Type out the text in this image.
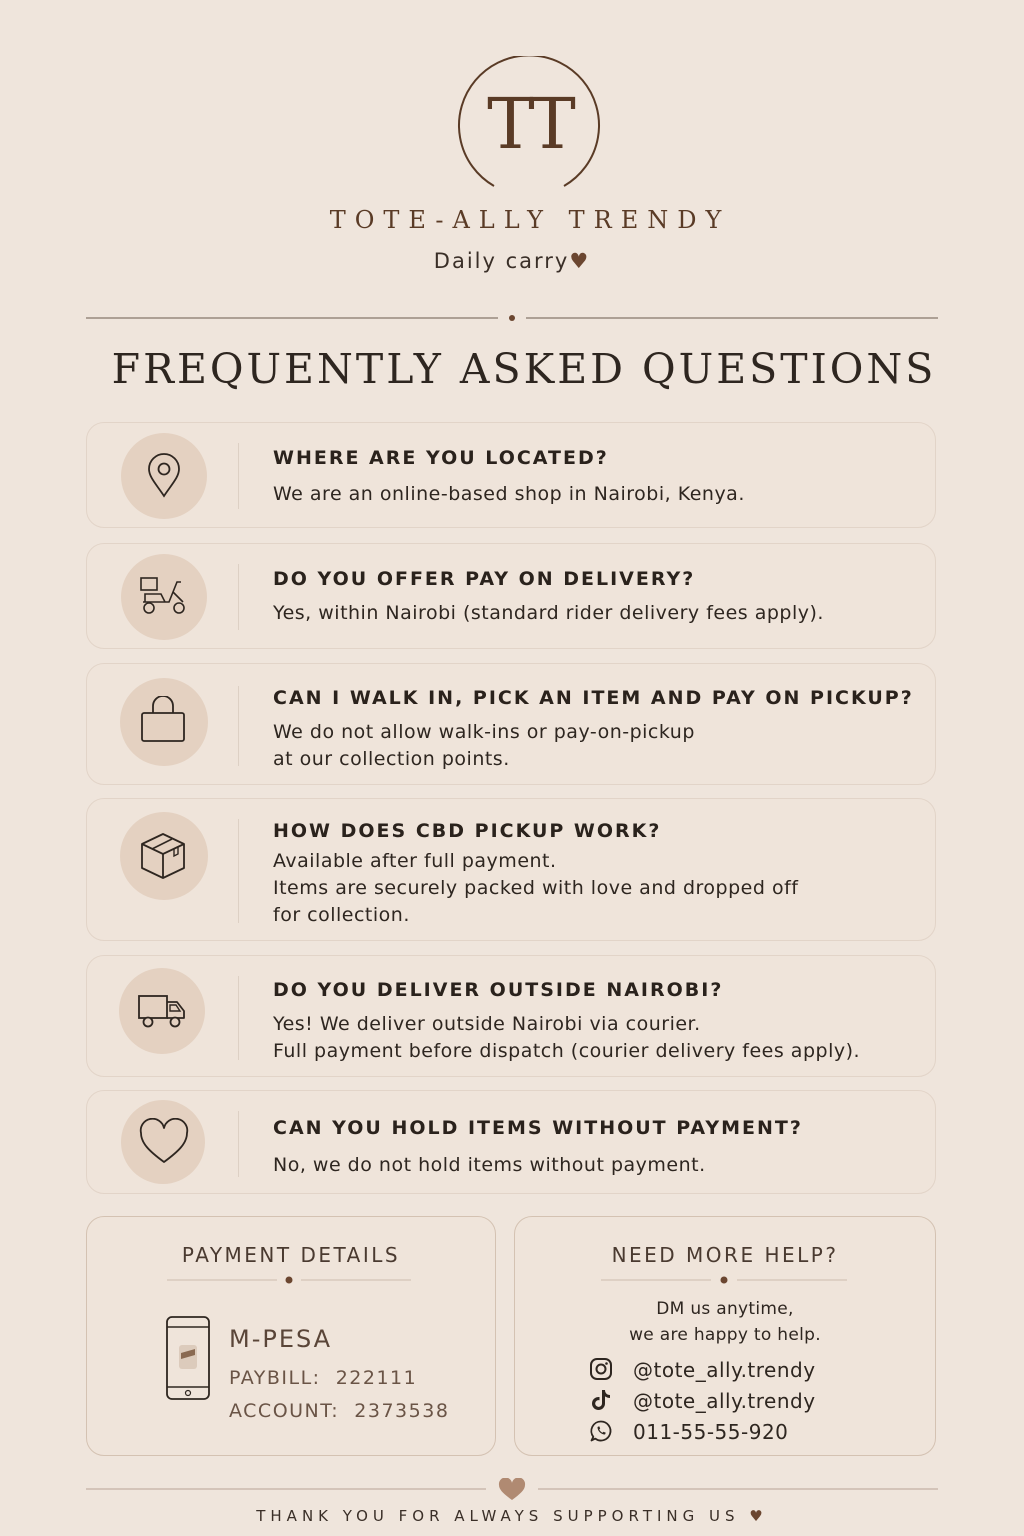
TT
TOTE-ALLY TRENDY
Daily carry♥
FREQUENTLY ASKED QUESTIONS
WHERE ARE YOU LOCATED?
We are an online-based shop in Nairobi, Kenya.
DO YOU OFFER PAY ON DELIVERY?
Yes, within Nairobi (standard rider delivery fees apply).
CAN I WALK IN, PICK AN ITEM AND PAY ON PICKUP?
We do not allow walk-ins or pay-on-pickup
at our collection points.
HOW DOES CBD PICKUP WORK?
Available after full payment.
Items are securely packed with love and dropped off
for collection.
DO YOU DELIVER OUTSIDE NAIROBI?
Yes! We deliver outside Nairobi via courier.
Full payment before dispatch (courier delivery fees apply).
CAN YOU HOLD ITEMS WITHOUT PAYMENT?
No, we do not hold items without payment.
PAYMENT DETAILS
M-PESA
PAYBILL: 222111
ACCOUNT: 2373538
NEED MORE HELP?
DM us anytime,
we are happy to help.
@tote_ally.trendy
@tote_ally.trendy
011-55-55-920
THANK YOU FOR ALWAYS SUPPORTING US ♥
